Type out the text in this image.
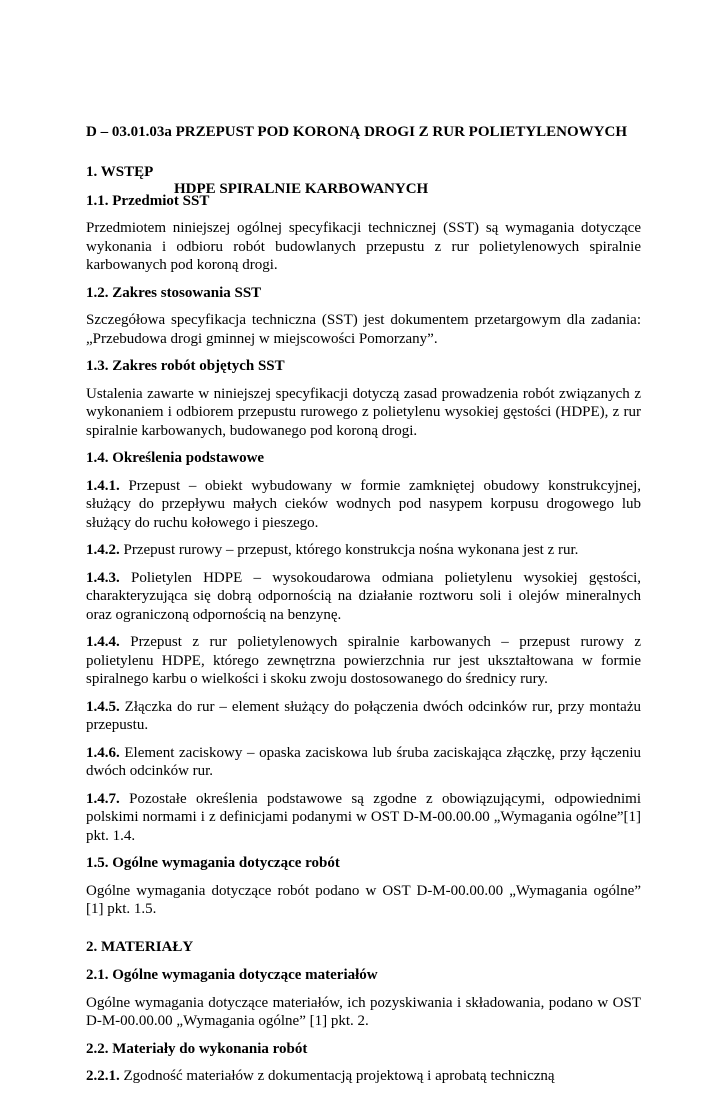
D – 03.01.03a PRZEPUST POD KORONĄ DROGI Z RUR POLIETYLENOWYCH

HDPE SPIRALNIE KARBOWANYCH

1. WSTĘP
1.1. Przedmiot SST
Przedmiotem niniejszej ogólnej specyfikacji technicznej (SST) są wymagania dotyczące wykonania i odbioru robót budowlanych przepustu z rur polietylenowych spiralnie karbowanych pod koroną drogi.
1.2. Zakres stosowania SST
Szczegółowa specyfikacja techniczna (SST) jest dokumentem przetargowym dla zadania: „Przebudowa drogi gminnej w miejscowości Pomorzany”.
1.3. Zakres robót objętych SST
Ustalenia zawarte w niniejszej specyfikacji dotyczą zasad prowadzenia robót związanych z wykonaniem i odbiorem przepustu rurowego z polietylenu wysokiej gęstości (HDPE), z rur spiralnie karbowanych, budowanego pod koroną drogi.
1.4. Określenia podstawowe
1.4.1. Przepust – obiekt wybudowany w formie zamkniętej obudowy konstrukcyjnej, służący do przepływu małych cieków wodnych pod nasypem korpusu drogowego lub służący do ruchu kołowego i pieszego.
1.4.2. Przepust rurowy – przepust, którego konstrukcja nośna wykonana jest z rur.
1.4.3. Polietylen HDPE – wysokoudarowa odmiana polietylenu wysokiej gęstości, charakteryzująca się dobrą odpornością na działanie roztworu soli i olejów mineralnych oraz ograniczoną odpornością na benzynę.
1.4.4. Przepust z rur polietylenowych spiralnie karbowanych – przepust rurowy z polietylenu HDPE, którego zewnętrzna powierzchnia rur jest ukształtowana w formie spiralnego karbu o wielkości i skoku zwoju dostosowanego do średnicy rury.
1.4.5. Złączka do rur – element służący do połączenia dwóch odcinków rur, przy montażu przepustu.
1.4.6. Element zaciskowy – opaska zaciskowa lub śruba zaciskająca złączkę, przy łączeniu dwóch odcinków rur.
1.4.7. Pozostałe określenia podstawowe są zgodne z obowiązującymi, odpowiednimi polskimi normami i z definicjami podanymi w OST D-M-00.00.00 „Wymagania ogólne”[1] pkt. 1.4.
1.5. Ogólne wymagania dotyczące robót
Ogólne wymagania dotyczące robót podano w OST D-M-00.00.00 „Wymagania ogólne” [1] pkt. 1.5.
2. MATERIAŁY
2.1. Ogólne wymagania dotyczące materiałów
Ogólne wymagania dotyczące materiałów, ich pozyskiwania i składowania, podano w OST D-M-00.00.00 „Wymagania ogólne” [1] pkt. 2.
2.2. Materiały do wykonania robót
2.2.1. Zgodność materiałów z dokumentacją projektową i aprobatą techniczną
